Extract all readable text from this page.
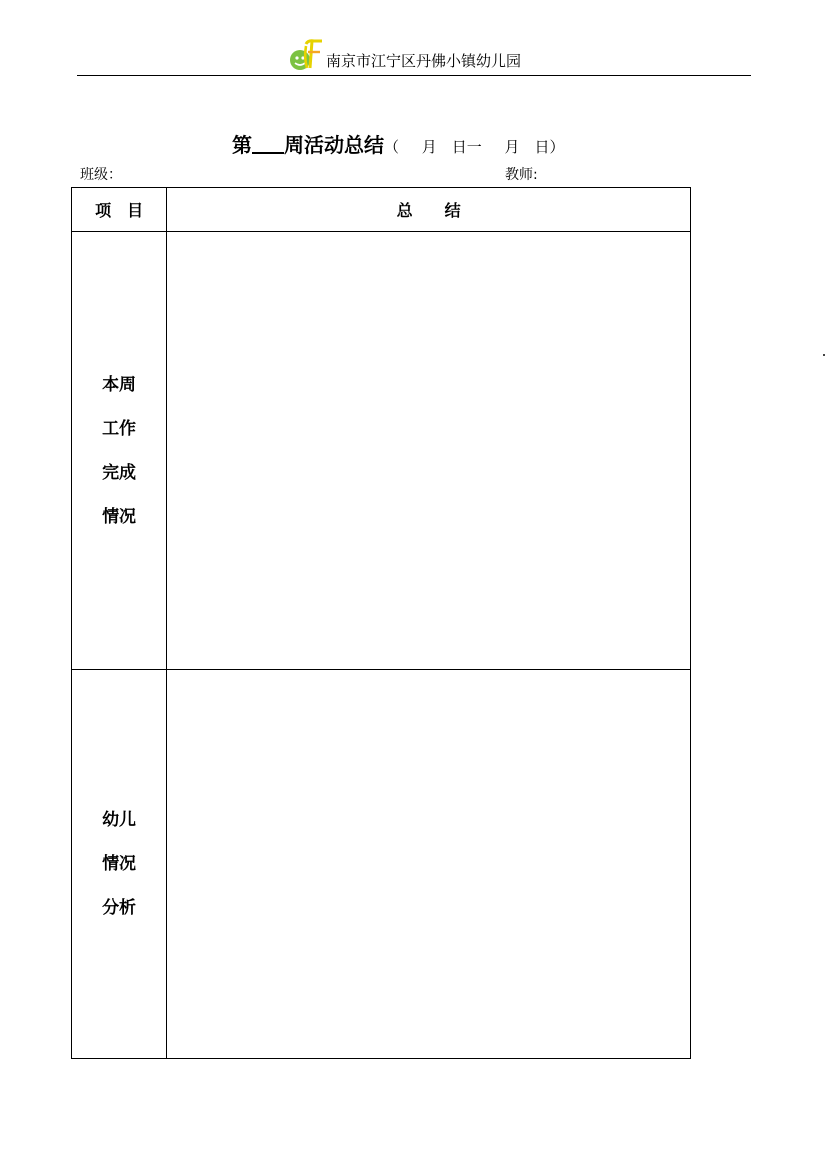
南京市江宁区丹佛小镇幼儿园
第 周活动总结（　 月　日一　 月　日）
班级：	教师:
项　目	总　　结

本周
工作
完成
情况	

幼儿
情况
分析	
